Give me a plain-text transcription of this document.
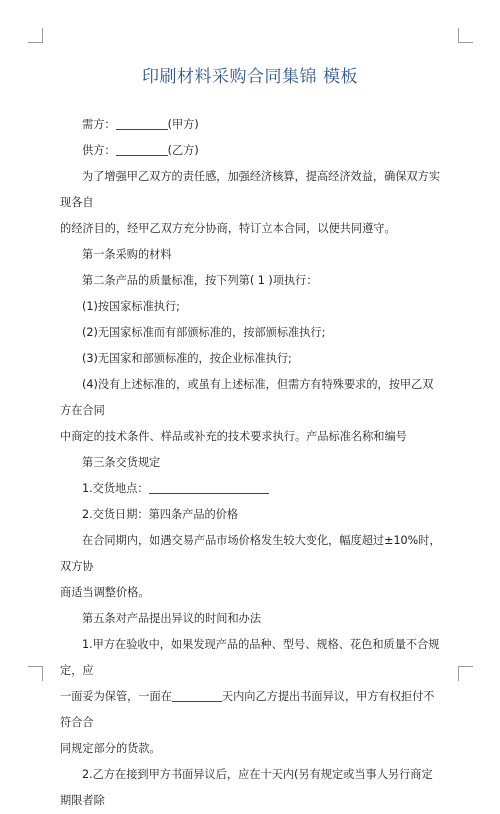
印刷材料采购合同集锦 模板

需方：	(甲方)

供方：	(乙方)

为了增强甲乙双方的责任感，加强经济核算，提高经济效益，确保双方实现各自

的经济目的，经甲乙双方充分协商，特订立本合同，以便共同遵守。

第一条采购的材料

第二条产品的质量标准，按下列第( 1 )项执行：

(1)按国家标准执行;

(2)无国家标准而有部颁标准的，按部颁标准执行;

(3)无国家和部颁标准的，按企业标准执行;

(4)没有上述标准的，或虽有上述标准，但需方有特殊要求的，按甲乙双方在合同

中商定的技术条件、样品或补充的技术要求执行。产品标准名称和编号

第三条交货规定

1.交货地点：

2.交货日期：第四条产品的价格

在合同期内，如遇交易产品市场价格发生较大变化，幅度超过±10%时，双方协

商适当调整价格。

第五条对产品提出异议的时间和办法

1.甲方在验收中，如果发现产品的品种、型号、规格、花色和质量不合规定，应

一面妥为保管，一面在	天内向乙方提出书面异议，甲方有权拒付不符合合

同规定部分的货款。

2.乙方在接到甲方书面异议后，应在十天内(另有规定或当事人另行商定期限者除
